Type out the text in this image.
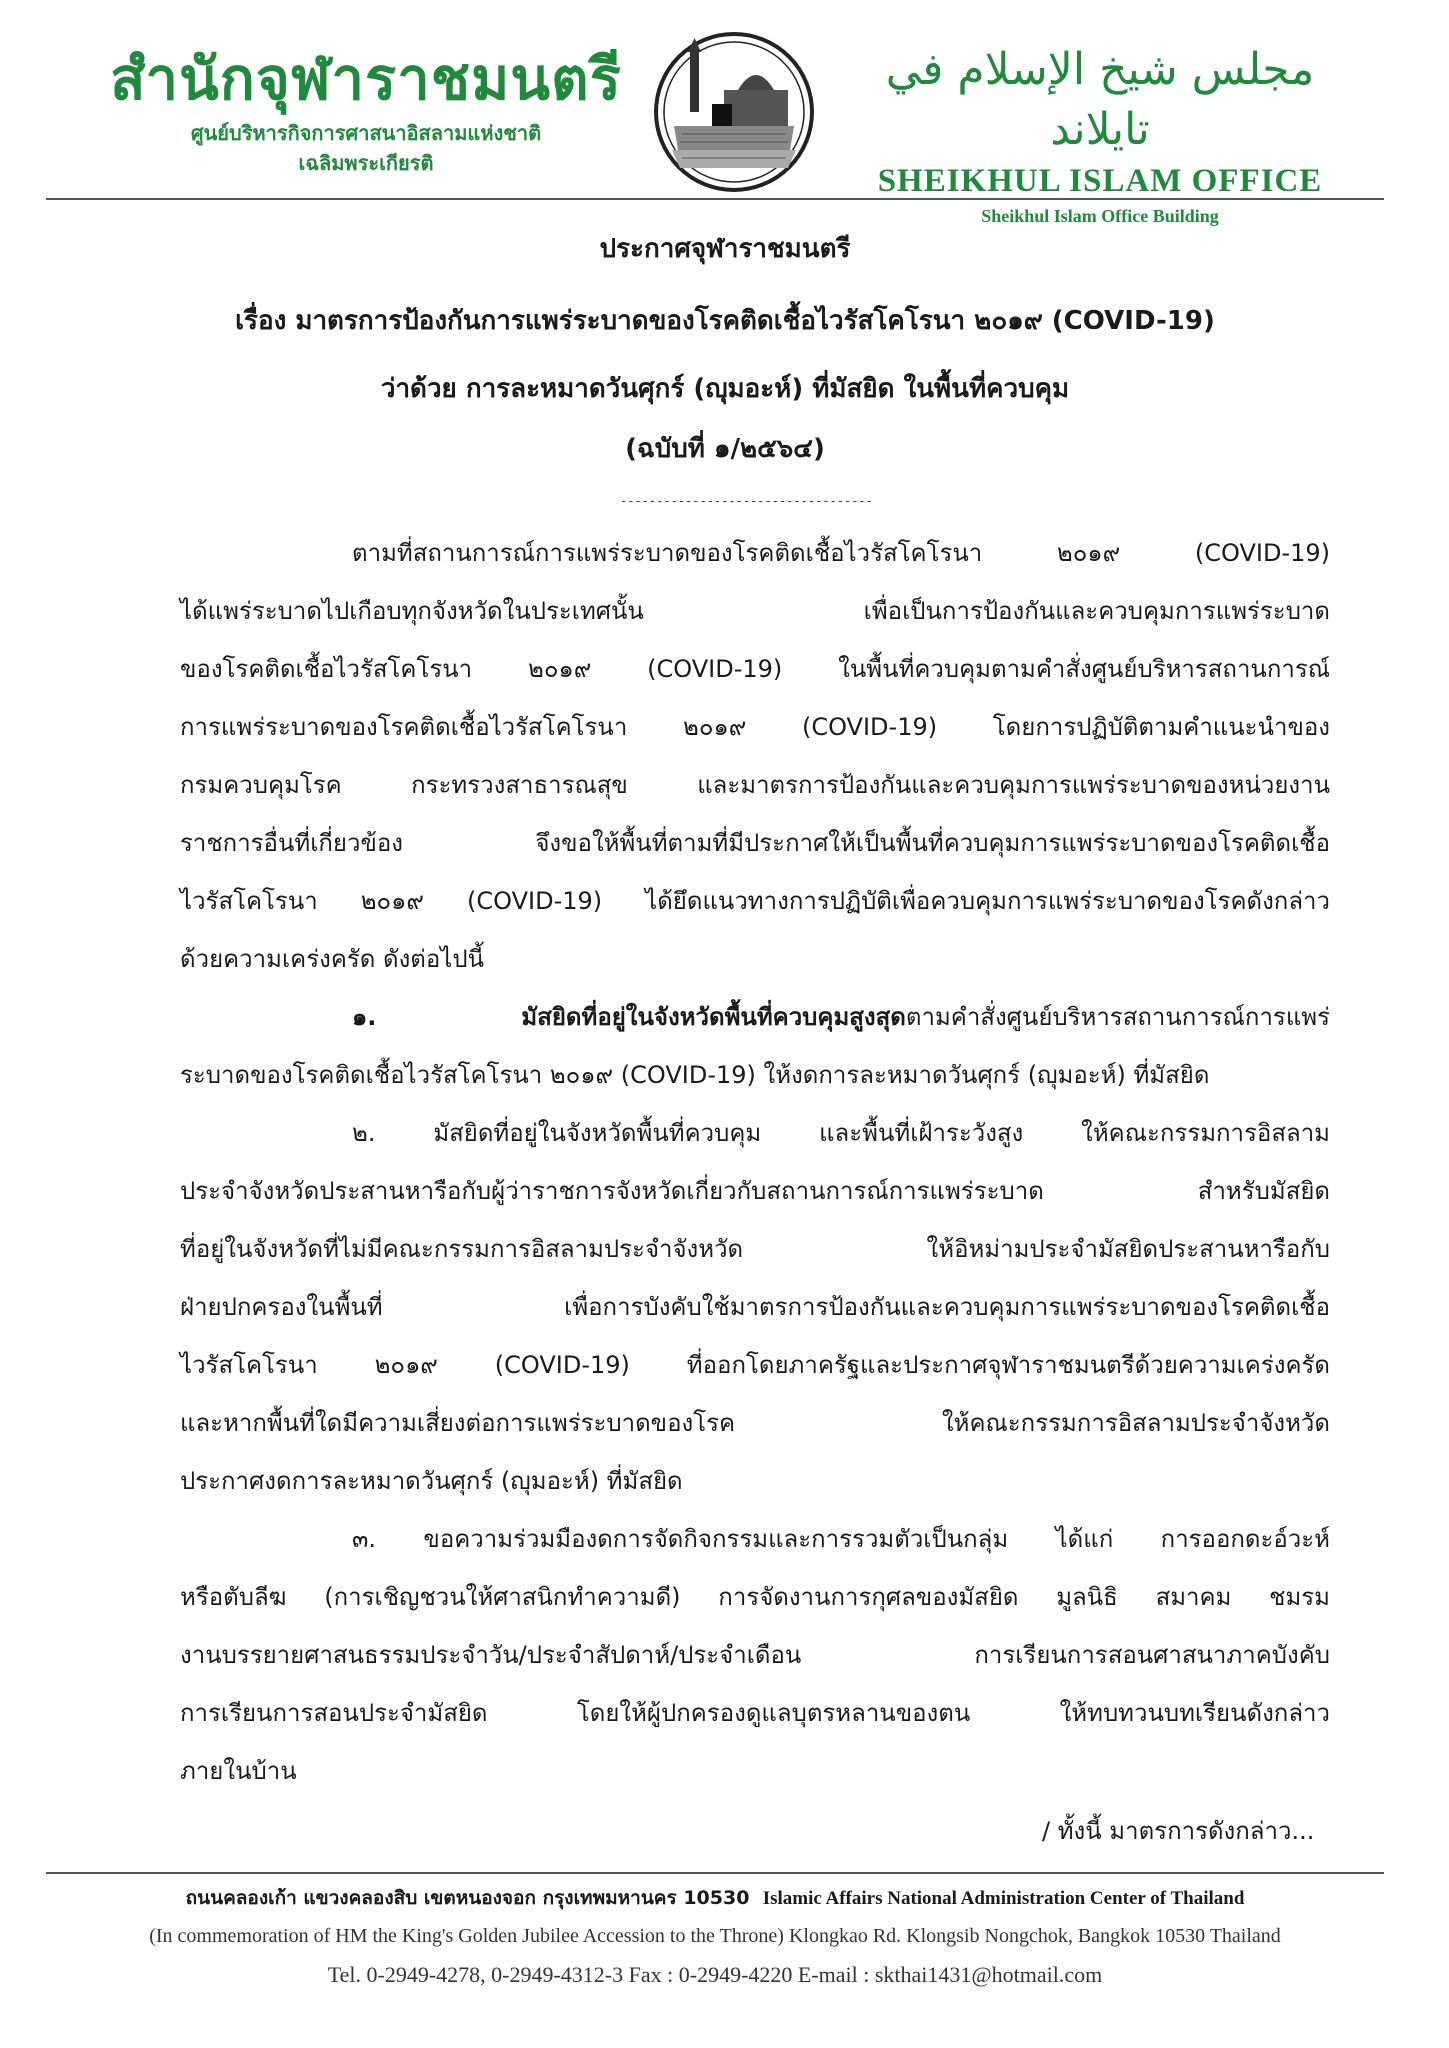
สำนักจุฬาราชมนตรี
ศูนย์บริหารกิจการศาสนาอิสลามแห่งชาติ
เฉลิมพระเกียรติ
مجلس شيخ الإسلام في تايلاند
SHEIKHUL ISLAM OFFICE
Sheikhul Islam Office Building
ประกาศจุฬาราชมนตรี
เรื่อง มาตรการป้องกันการแพร่ระบาดของโรคติดเชื้อไวรัสโคโรนา ๒๐๑๙ (COVID-19)
ว่าด้วย การละหมาดวันศุกร์ (ญุมอะห์) ที่มัสยิด ในพื้นที่ควบคุม
(ฉบับที่ ๑/๒๕๖๔)
-----------------------------------
ตามที่สถานการณ์การแพร่ระบาดของโรคติดเชื้อไวรัสโคโรนา ๒๐๑๙ (COVID-19)
ได้แพร่ระบาดไปเกือบทุกจังหวัดในประเทศนั้น เพื่อเป็นการป้องกันและควบคุมการแพร่ระบาด
ของโรคติดเชื้อไวรัสโคโรนา ๒๐๑๙ (COVID-19) ในพื้นที่ควบคุมตามคำสั่งศูนย์บริหารสถานการณ์
การแพร่ระบาดของโรคติดเชื้อไวรัสโคโรนา ๒๐๑๙ (COVID-19) โดยการปฏิบัติตามคำแนะนำของ
กรมควบคุมโรค กระทรวงสาธารณสุข และมาตรการป้องกันและควบคุมการแพร่ระบาดของหน่วยงาน
ราชการอื่นที่เกี่ยวข้อง จึงขอให้พื้นที่ตามที่มีประกาศให้เป็นพื้นที่ควบคุมการแพร่ระบาดของโรคติดเชื้อ
ไวรัสโคโรนา ๒๐๑๙ (COVID-19) ได้ยึดแนวทางการปฏิบัติเพื่อควบคุมการแพร่ระบาดของโรคดังกล่าว
ด้วยความเคร่งครัด ดังต่อไปนี้
๑. มัสยิดที่อยู่ในจังหวัดพื้นที่ควบคุมสูงสุดตามคำสั่งศูนย์บริหารสถานการณ์การแพร่
ระบาดของโรคติดเชื้อไวรัสโคโรนา ๒๐๑๙ (COVID-19) ให้งดการละหมาดวันศุกร์ (ญุมอะห์) ที่มัสยิด
๒. มัสยิดที่อยู่ในจังหวัดพื้นที่ควบคุม และพื้นที่เฝ้าระวังสูง ให้คณะกรรมการอิสลาม
ประจำจังหวัดประสานหารือกับผู้ว่าราชการจังหวัดเกี่ยวกับสถานการณ์การแพร่ระบาด สำหรับมัสยิด
ที่อยู่ในจังหวัดที่ไม่มีคณะกรรมการอิสลามประจำจังหวัด ให้อิหม่ามประจำมัสยิดประสานหารือกับ
ฝ่ายปกครองในพื้นที่ เพื่อการบังคับใช้มาตรการป้องกันและควบคุมการแพร่ระบาดของโรคติดเชื้อ
ไวรัสโคโรนา ๒๐๑๙ (COVID-19) ที่ออกโดยภาครัฐและประกาศจุฬาราชมนตรีด้วยความเคร่งครัด
และหากพื้นที่ใดมีความเสี่ยงต่อการแพร่ระบาดของโรค ให้คณะกรรมการอิสลามประจำจังหวัด
ประกาศงดการละหมาดวันศุกร์ (ญุมอะห์) ที่มัสยิด
๓. ขอความร่วมมืองดการจัดกิจกรรมและการรวมตัวเป็นกลุ่ม ได้แก่ การออกดะอ์วะห์
หรือตับลีฆ (การเชิญชวนให้ศาสนิกทำความดี) การจัดงานการกุศลของมัสยิด มูลนิธิ สมาคม ชมรม
งานบรรยายศาสนธรรมประจำวัน/ประจำสัปดาห์/ประจำเดือน การเรียนการสอนศาสนาภาคบังคับ
การเรียนการสอนประจำมัสยิด โดยให้ผู้ปกครองดูแลบุตรหลานของตน ให้ทบทวนบทเรียนดังกล่าว
ภายในบ้าน
/ ทั้งนี้ มาตรการดังกล่าว...
ถนนคลองเก้า แขวงคลองสิบ เขตหนองจอก กรุงเทพมหานคร 10530 Islamic Affairs National Administration Center of Thailand
(In commemoration of HM the King's Golden Jubilee Accession to the Throne) Klongkao Rd. Klongsib Nongchok, Bangkok 10530 Thailand
Tel. 0-2949-4278, 0-2949-4312-3 Fax : 0-2949-4220 E-mail : skthai1431@hotmail.com
